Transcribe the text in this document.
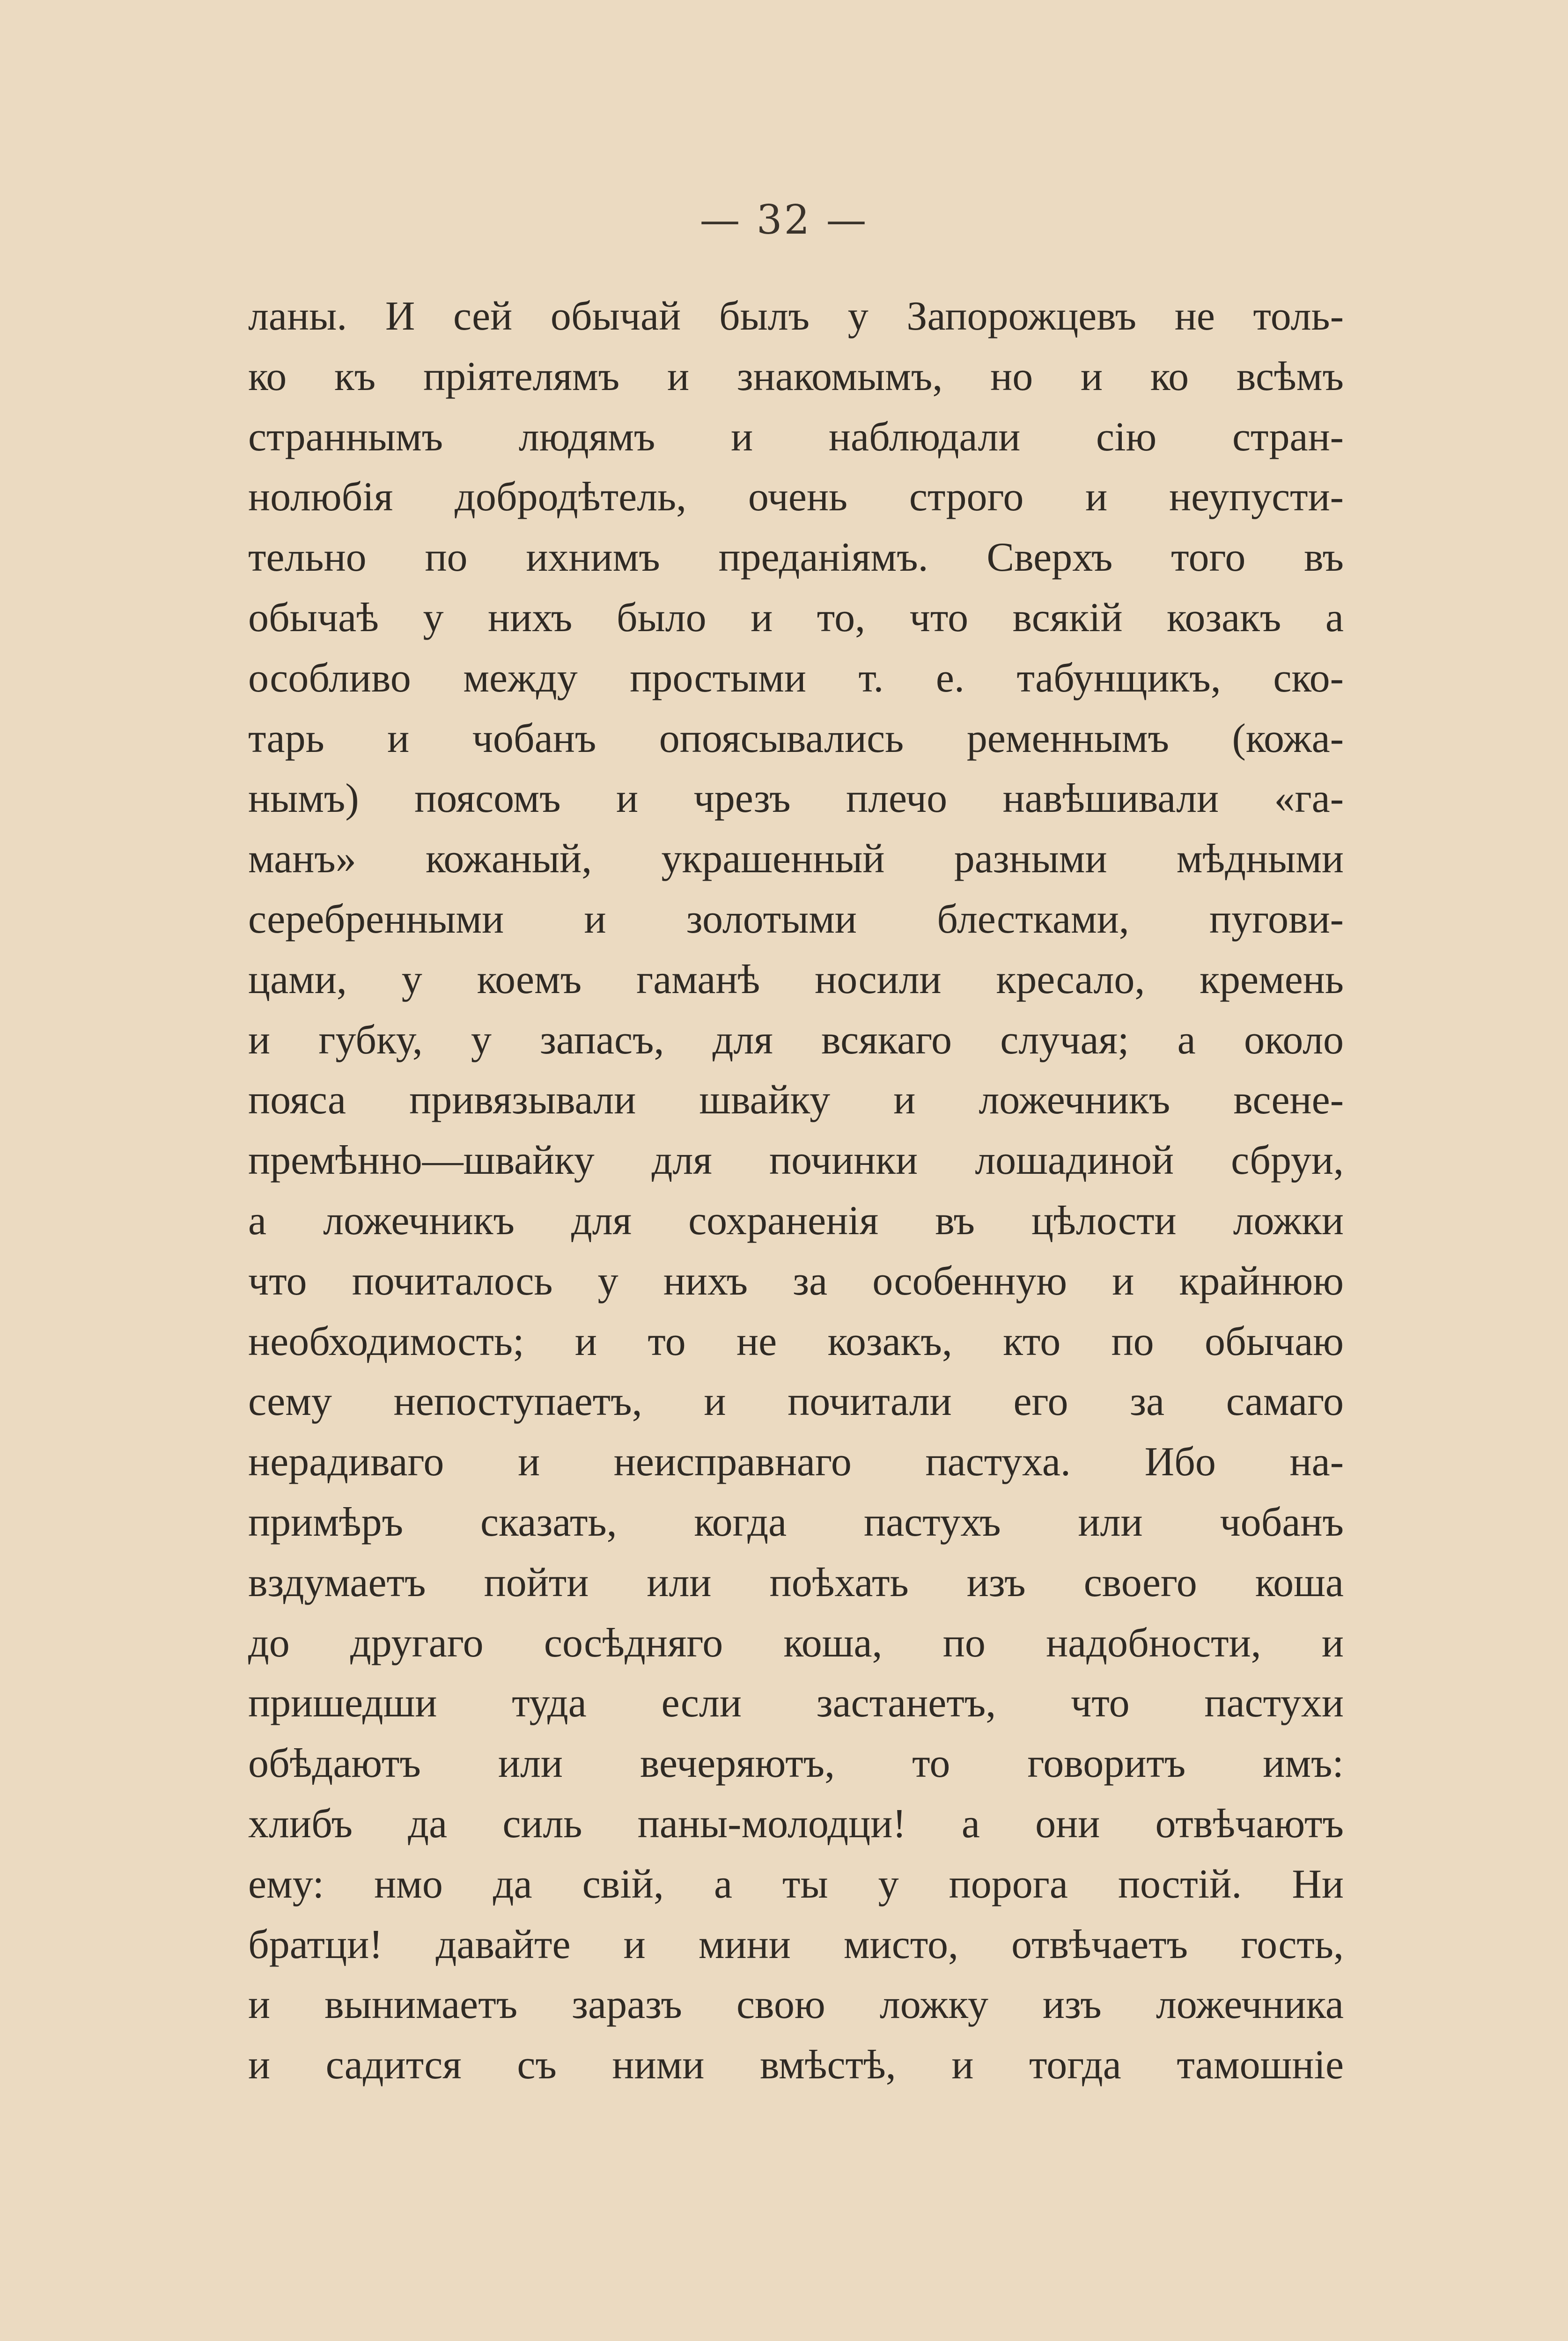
— 32 —
ланы. И сей обычай былъ у Запорожцевъ не толь-
ко къ пріятелямъ и знакомымъ, но и ко всѣмъ
страннымъ людямъ и наблюдали сію стран-
нолюбія добродѣтель, очень строго и неупусти-
тельно по ихнимъ преданіямъ. Сверхъ того въ
обычаѣ у нихъ было и то, что всякій козакъ а
особливо между простыми т. е. табунщикъ, ско-
тарь и чобанъ опоясывались ременнымъ (кожа-
нымъ) поясомъ и чрезъ плечо навѣшивали «га-
манъ» кожаный, украшенный разными мѣдными
серебренными и золотыми блестками, пугови-
цами, у коемъ гаманѣ носили кресало, кремень
и губку, у запасъ, для всякаго случая; а около
пояса привязывали швайку и ложечникъ всене-
премѣнно—швайку для починки лошадиной сбруи,
а ложечникъ для сохраненія въ цѣлости ложки
что почиталось у нихъ за особенную и крайнюю
необходимость; и то не козакъ, кто по обычаю
сему непоступаетъ, и почитали его за самаго
нерадиваго и неисправнаго пастуха. Ибо на-
примѣръ сказать, когда пастухъ или чобанъ
вздумаетъ пойти или поѣхать изъ своего коша
до другаго сосѣдняго коша, по надобности, и
пришедши туда если застанетъ, что пастухи
обѣдаютъ или вечеряютъ, то говоритъ имъ:
хлибъ да силь паны-молодци! а они отвѣчаютъ
ему: нмо да свій, а ты у порога постій. Ни
братци! давайте и мини мисто, отвѣчаетъ гость,
и вынимаетъ заразъ свою ложку изъ ложечника
и садится съ ними вмѣстѣ, и тогда тамошніе
